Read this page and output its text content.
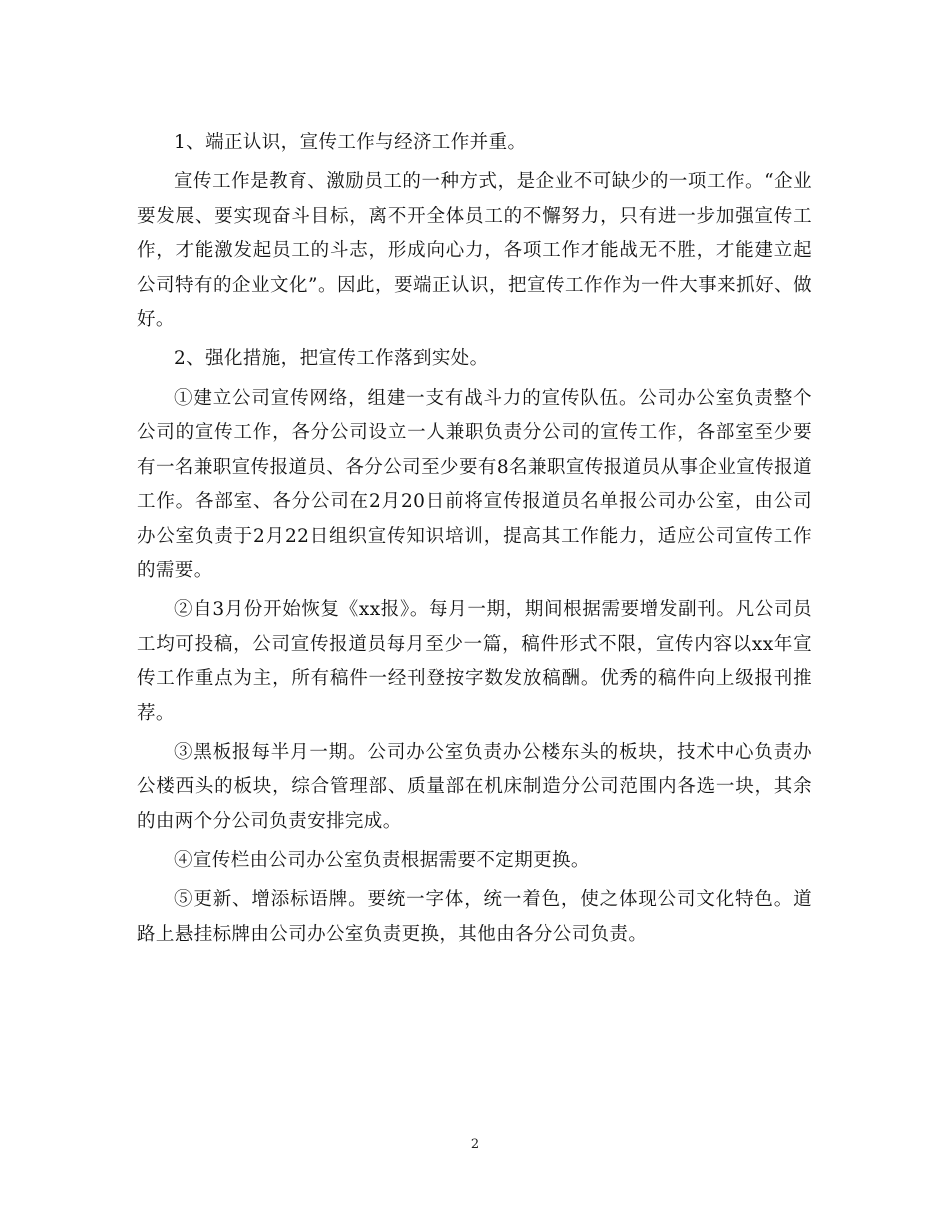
1、端正认识，宣传工作与经济工作并重。

宣传工作是教育、激励员工的一种方式，是企业不可缺少的一项工作。“企业要发展、要实现奋斗目标，离不开全体员工的不懈努力，只有进一步加强宣传工作，才能激发起员工的斗志，形成向心力，各项工作才能战无不胜，才能建立起公司特有的企业文化”。因此，要端正认识，把宣传工作作为一件大事来抓好、做好。

2、强化措施，把宣传工作落到实处。

①建立公司宣传网络，组建一支有战斗力的宣传队伍。公司办公室负责整个公司的宣传工作，各分公司设立一人兼职负责分公司的宣传工作，各部室至少要有一名兼职宣传报道员、各分公司至少要有8名兼职宣传报道员从事企业宣传报道工作。各部室、各分公司在2月20日前将宣传报道员名单报公司办公室，由公司办公室负责于2月22日组织宣传知识培训，提高其工作能力，适应公司宣传工作的需要。

②自3月份开始恢复《xx报》。每月一期，期间根据需要增发副刊。凡公司员工均可投稿，公司宣传报道员每月至少一篇，稿件形式不限，宣传内容以xx年宣传工作重点为主，所有稿件一经刊登按字数发放稿酬。优秀的稿件向上级报刊推荐。

③黑板报每半月一期。公司办公室负责办公楼东头的板块，技术中心负责办公楼西头的板块，综合管理部、质量部在机床制造分公司范围内各选一块，其余的由两个分公司负责安排完成。

④宣传栏由公司办公室负责根据需要不定期更换。

⑤更新、增添标语牌。要统一字体，统一着色，使之体现公司文化特色。道路上悬挂标牌由公司办公室负责更换，其他由各分公司负责。

2
